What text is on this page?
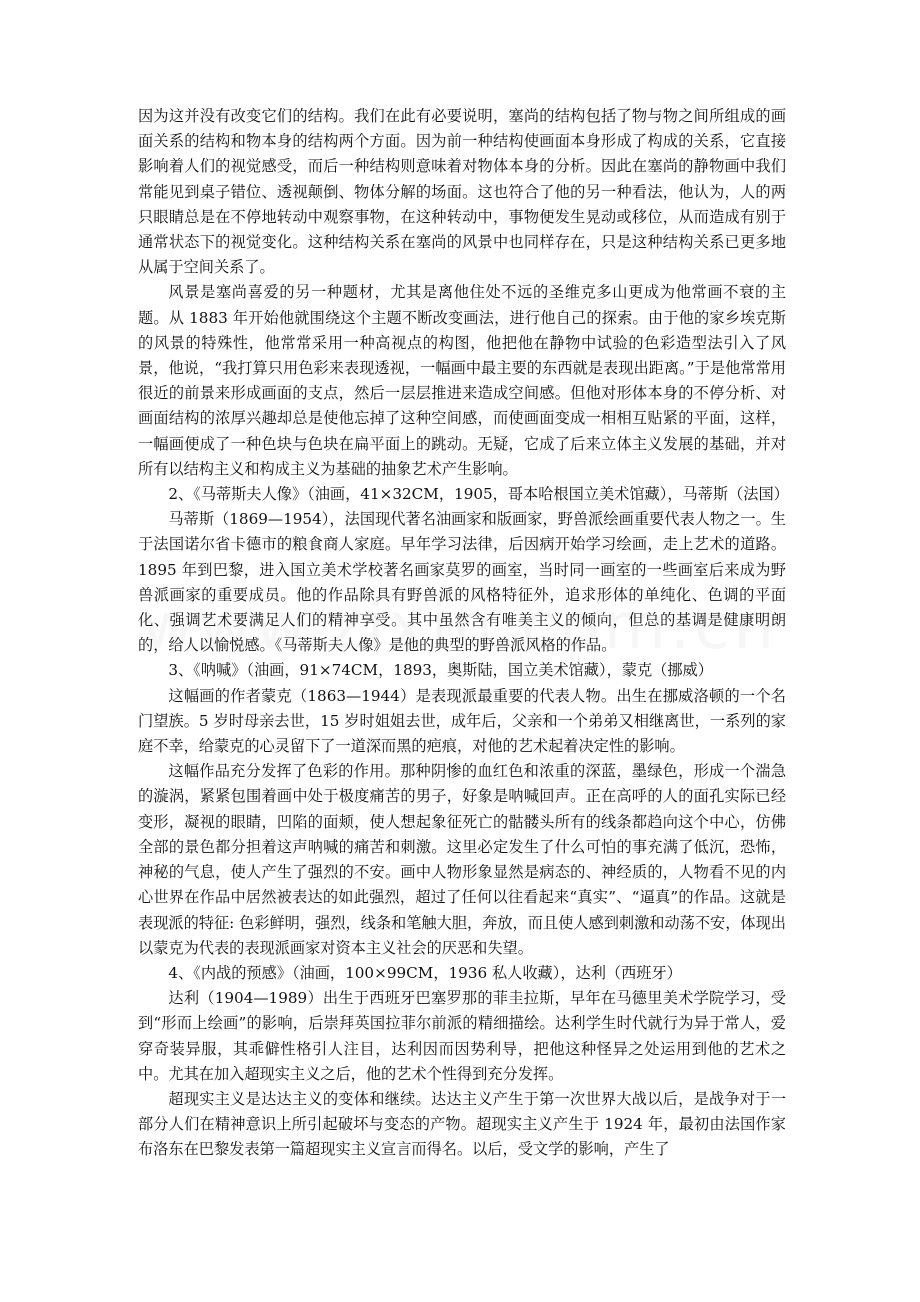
因为这并没有改变它们的结构。我们在此有必要说明，塞尚的结构包括了物与物之间所组成的画面关系的结构和物本身的结构两个方面。因为前一种结构使画面本身形成了构成的关系，它直接影响着人们的视觉感受，而后一种结构则意味着对物体本身的分析。因此在塞尚的静物画中我们常能见到桌子错位、透视颠倒、物体分解的场面。这也符合了他的另一种看法，他认为，人的两只眼睛总是在不停地转动中观察事物，在这种转动中，事物便发生晃动或移位，从而造成有别于通常状态下的视觉变化。这种结构关系在塞尚的风景中也同样存在，只是这种结构关系已更多地从属于空间关系了。

风景是塞尚喜爱的另一种题材，尤其是离他住处不远的圣维克多山更成为他常画不衰的主题。从 1883 年开始他就围绕这个主题不断改变画法，进行他自己的探索。由于他的家乡埃克斯的风景的特殊性，他常常采用一种高视点的构图，他把他在静物中试验的色彩造型法引入了风景，他说，“我打算只用色彩来表现透视，一幅画中最主要的东西就是表现出距离。”于是他常常用很近的前景来形成画面的支点，然后一层层推进来造成空间感。但他对形体本身的不停分析、对画面结构的浓厚兴趣却总是使他忘掉了这种空间感，而使画面变成一相相互贴紧的平面，这样，一幅画便成了一种色块与色块在扁平面上的跳动。无疑，它成了后来立体主义发展的基础，并对所有以结构主义和构成主义为基础的抽象艺术产生影响。

2、《马蒂斯夫人像》（油画，41×32CM，1905，哥本哈根国立美术馆藏），马蒂斯（法国）

马蒂斯（1869—1954），法国现代著名油画家和版画家，野兽派绘画重要代表人物之一。生于法国诺尔省卡德市的粮食商人家庭。早年学习法律，后因病开始学习绘画，走上艺术的道路。1895 年到巴黎，进入国立美术学校著名画家莫罗的画室，当时同一画室的一些画室后来成为野兽派画家的重要成员。他的作品除具有野兽派的风格特征外，追求形体的单纯化、色调的平面化、强调艺术要满足人们的精神享受。其中虽然含有唯美主义的倾向，但总的基调是健康明朗的，给人以愉悦感。《马蒂斯夫人像》是他的典型的野兽派风格的作品。

3、《呐喊》（油画，91×74CM，1893，奥斯陆，国立美术馆藏），蒙克（挪威）

这幅画的作者蒙克（1863—1944）是表现派最重要的代表人物。出生在挪威洛顿的一个名门望族。5 岁时母亲去世，15 岁时姐姐去世，成年后，父亲和一个弟弟又相继离世，一系列的家庭不幸，给蒙克的心灵留下了一道深而黑的疤痕，对他的艺术起着决定性的影响。

这幅作品充分发挥了色彩的作用。那种阴惨的血红色和浓重的深蓝，墨绿色，形成一个湍急的漩涡，紧紧包围着画中处于极度痛苦的男子，好象是呐喊回声。正在高呼的人的面孔实际已经变形，凝视的眼睛，凹陷的面颊，使人想起象征死亡的骷髅头所有的线条都趋向这个中心，仿佛全部的景色都分担着这声呐喊的痛苦和刺激。这里必定发生了什么可怕的事充满了低沉，恐怖，神秘的气息，使人产生了强烈的不安。画中人物形象显然是病态的、神经质的，人物看不见的内心世界在作品中居然被表达的如此强烈，超过了任何以往看起来“真实”、“逼真”的作品。这就是表现派的特征: 色彩鲜明，强烈，线条和笔触大胆，奔放，而且使人感到刺激和动荡不安，体现出以蒙克为代表的表现派画家对资本主义社会的厌恶和失望。

4、《内战的预感》（油画，100×99CM，1936 私人收藏），达利（西班牙）

达利（1904—1989）出生于西班牙巴塞罗那的菲圭拉斯，早年在马德里美术学院学习，受到“形而上绘画”的影响，后崇拜英国拉菲尔前派的精细描绘。达利学生时代就行为异于常人，爱穿奇装异服，其乖僻性格引人注目，达利因而因势利导，把他这种怪异之处运用到他的艺术之中。尤其在加入超现实主义之后，他的艺术个性得到充分发挥。

超现实主义是达达主义的变体和继续。达达主义产生于第一次世界大战以后，是战争对于一部分人们在精神意识上所引起破坏与变态的产物。超现实主义产生于 1924 年，最初由法国作家布洛东在巴黎发表第一篇超现实主义宣言而得名。以后，受文学的影响，产生了
